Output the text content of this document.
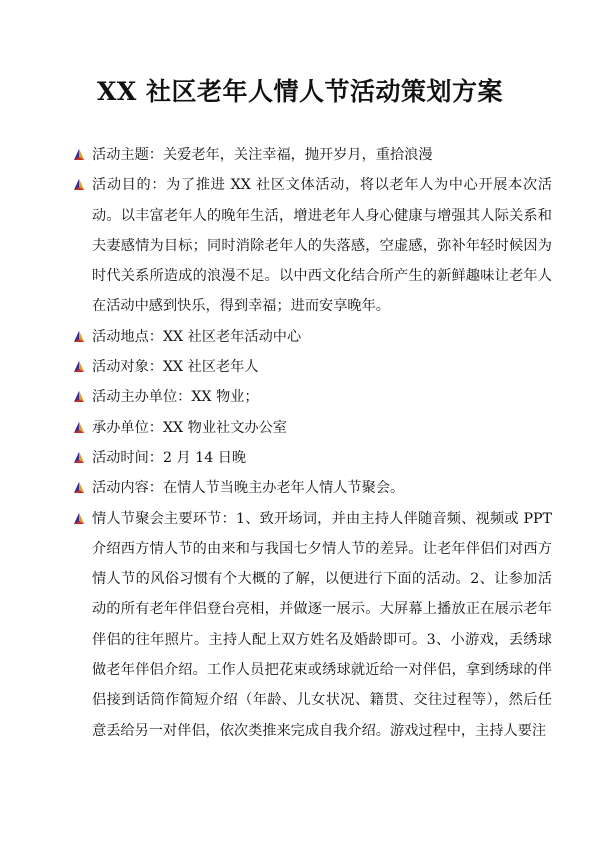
XX 社区老年人情人节活动策划方案
活动主题：关爱老年，关注幸福，抛开岁月，重拾浪漫
活动目的：为了推进 XX 社区文体活动，将以老年人为中心开展本次活动。以丰富老年人的晚年生活，增进老年人身心健康与增强其人际关系和夫妻感情为目标；同时消除老年人的失落感，空虚感，弥补年轻时候因为时代关系所造成的浪漫不足。以中西文化结合所产生的新鲜趣味让老年人在活动中感到快乐，得到幸福；进而安享晚年。
活动地点：XX 社区老年活动中心
活动对象：XX 社区老年人
活动主办单位：XX 物业；
承办单位：XX 物业社文办公室
活动时间：2 月 14 日晚
活动内容：在情人节当晚主办老年人情人节聚会。
情人节聚会主要环节：1、致开场词，并由主持人伴随音频、视频或 PPT 介绍西方情人节的由来和与我国七夕情人节的差异。让老年伴侣们对西方情人节的风俗习惯有个大概的了解，以便进行下面的活动。2、让参加活动的所有老年伴侣登台亮相，并做逐一展示。大屏幕上播放正在展示老年伴侣的往年照片。主持人配上双方姓名及婚龄即可。3、小游戏，丢绣球做老年伴侣介绍。工作人员把花束或绣球就近给一对伴侣，拿到绣球的伴侣接到话筒作简短介绍（年龄、儿女状况、籍贯、交往过程等），然后任意丢给另一对伴侣，依次类推来完成自我介绍。游戏过程中，主持人要注
